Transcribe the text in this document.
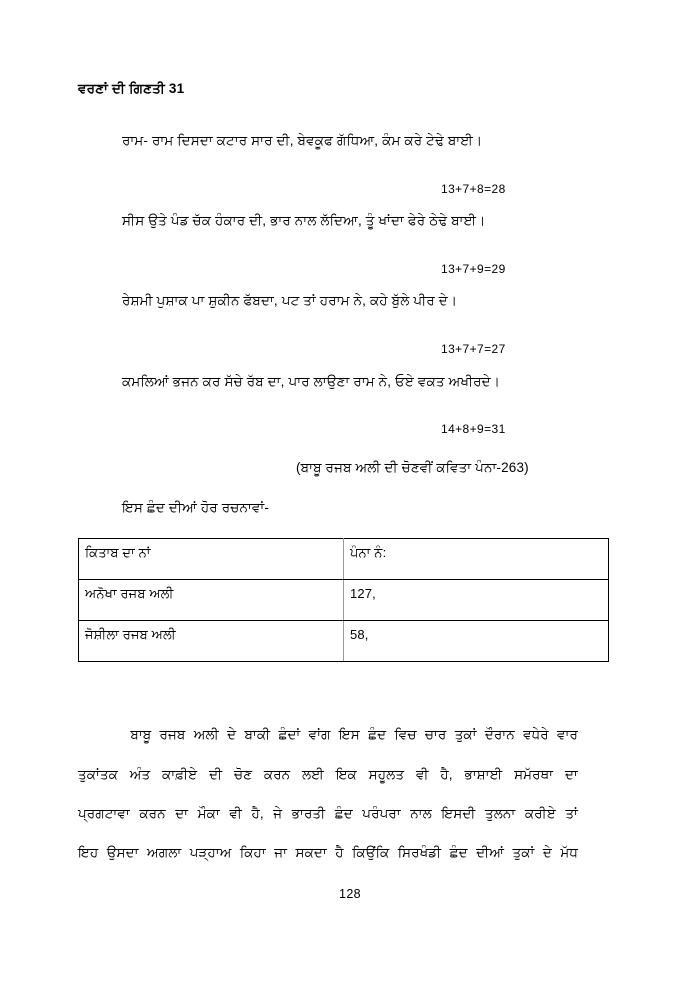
ਵਰਣਾਂ ਦੀ ਗਿਣਤੀ 31
ਰਾਮ- ਰਾਮ ਦਿਸਦਾ ਕਟਾਰ ਸਾਰ ਦੀ, ਬੇਵਕੂਫ ਗੱਧਿਆ, ਕੰਮ ਕਰੇ ਟੇਢੇ ਬਾਈ।
13+7+8=28
ਸੀਸ ਉਤੇ ਪੰਡ ਚੱਕ ਹੰਕਾਰ ਦੀ, ਭਾਰ ਨਾਲ ਲੱਦਿਆ, ਤੂੰ ਖਾਂਦਾ ਫੇਰੇ ਠੇਢੇ ਬਾਈ।
13+7+9=29
ਰੇਸ਼ਮੀ ਪੁਸ਼ਾਕ ਪਾ ਸ਼ੁਕੀਨ ਫੱਬਦਾ, ਪਟ ਤਾਂ ਹਰਾਮ ਨੇ, ਕਹੇ ਬੁੱਲੇ ਪੀਰ ਦੇ।
13+7+7=27
ਕਮਲਿਆਂ ਭਜਨ ਕਰ ਸੱਚੇ ਰੱਬ ਦਾ, ਪਾਰ ਲਾਉਣਾ ਰਾਮ ਨੇ, ਓਏ ਵਕਤ ਅਖੀਰਦੇ।
14+8+9=31
(ਬਾਬੂ ਰਜਬ ਅਲੀ ਦੀ ਚੋਣਵੀਂ ਕਵਿਤਾ ਪੰਨਾ-263)
ਇਸ ਛੰਦ ਦੀਆਂ ਹੋਰ ਰਚਨਾਵਾਂ-
ਕਿਤਾਬ ਦਾ ਨਾਂ	ਪੰਨਾ ਨੰ:
ਅਨੋਖਾ ਰਜਬ ਅਲੀ	127,
ਜੋਸ਼ੀਲਾ ਰਜਬ ਅਲੀ	58,
ਬਾਬੂ ਰਜਬ ਅਲੀ ਦੇ ਬਾਕੀ ਛੰਦਾਂ ਵਾਂਗ ਇਸ ਛੰਦ ਵਿਚ ਚਾਰ ਤੁਕਾਂ ਦੌਰਾਨ ਵਧੇਰੇ ਵਾਰ
ਤੁਕਾਂਤਕ ਅੰਤ ਕਾਫ਼ੀਏ ਦੀ ਚੋਣ ਕਰਨ ਲਈ ਇਕ ਸਹੂਲਤ ਵੀ ਹੈ, ਭਾਸ਼ਾਈ ਸਮੱਰਥਾ ਦਾ
ਪ੍ਰਗਟਾਵਾ ਕਰਨ ਦਾ ਮੌਕਾ ਵੀ ਹੈ, ਜੇ ਭਾਰਤੀ ਛੰਦ ਪਰੰਪਰਾ ਨਾਲ ਇਸਦੀ ਤੁਲਨਾ ਕਰੀਏ ਤਾਂ
ਇਹ ਉਸਦਾ ਅਗਲਾ ਪੜ੍ਹਾਅ ਕਿਹਾ ਜਾ ਸਕਦਾ ਹੈ ਕਿਉਂਕਿ ਸਿਰਖੰਡੀ ਛੰਦ ਦੀਆਂ ਤੁਕਾਂ ਦੇ ਮੱਧ
128
